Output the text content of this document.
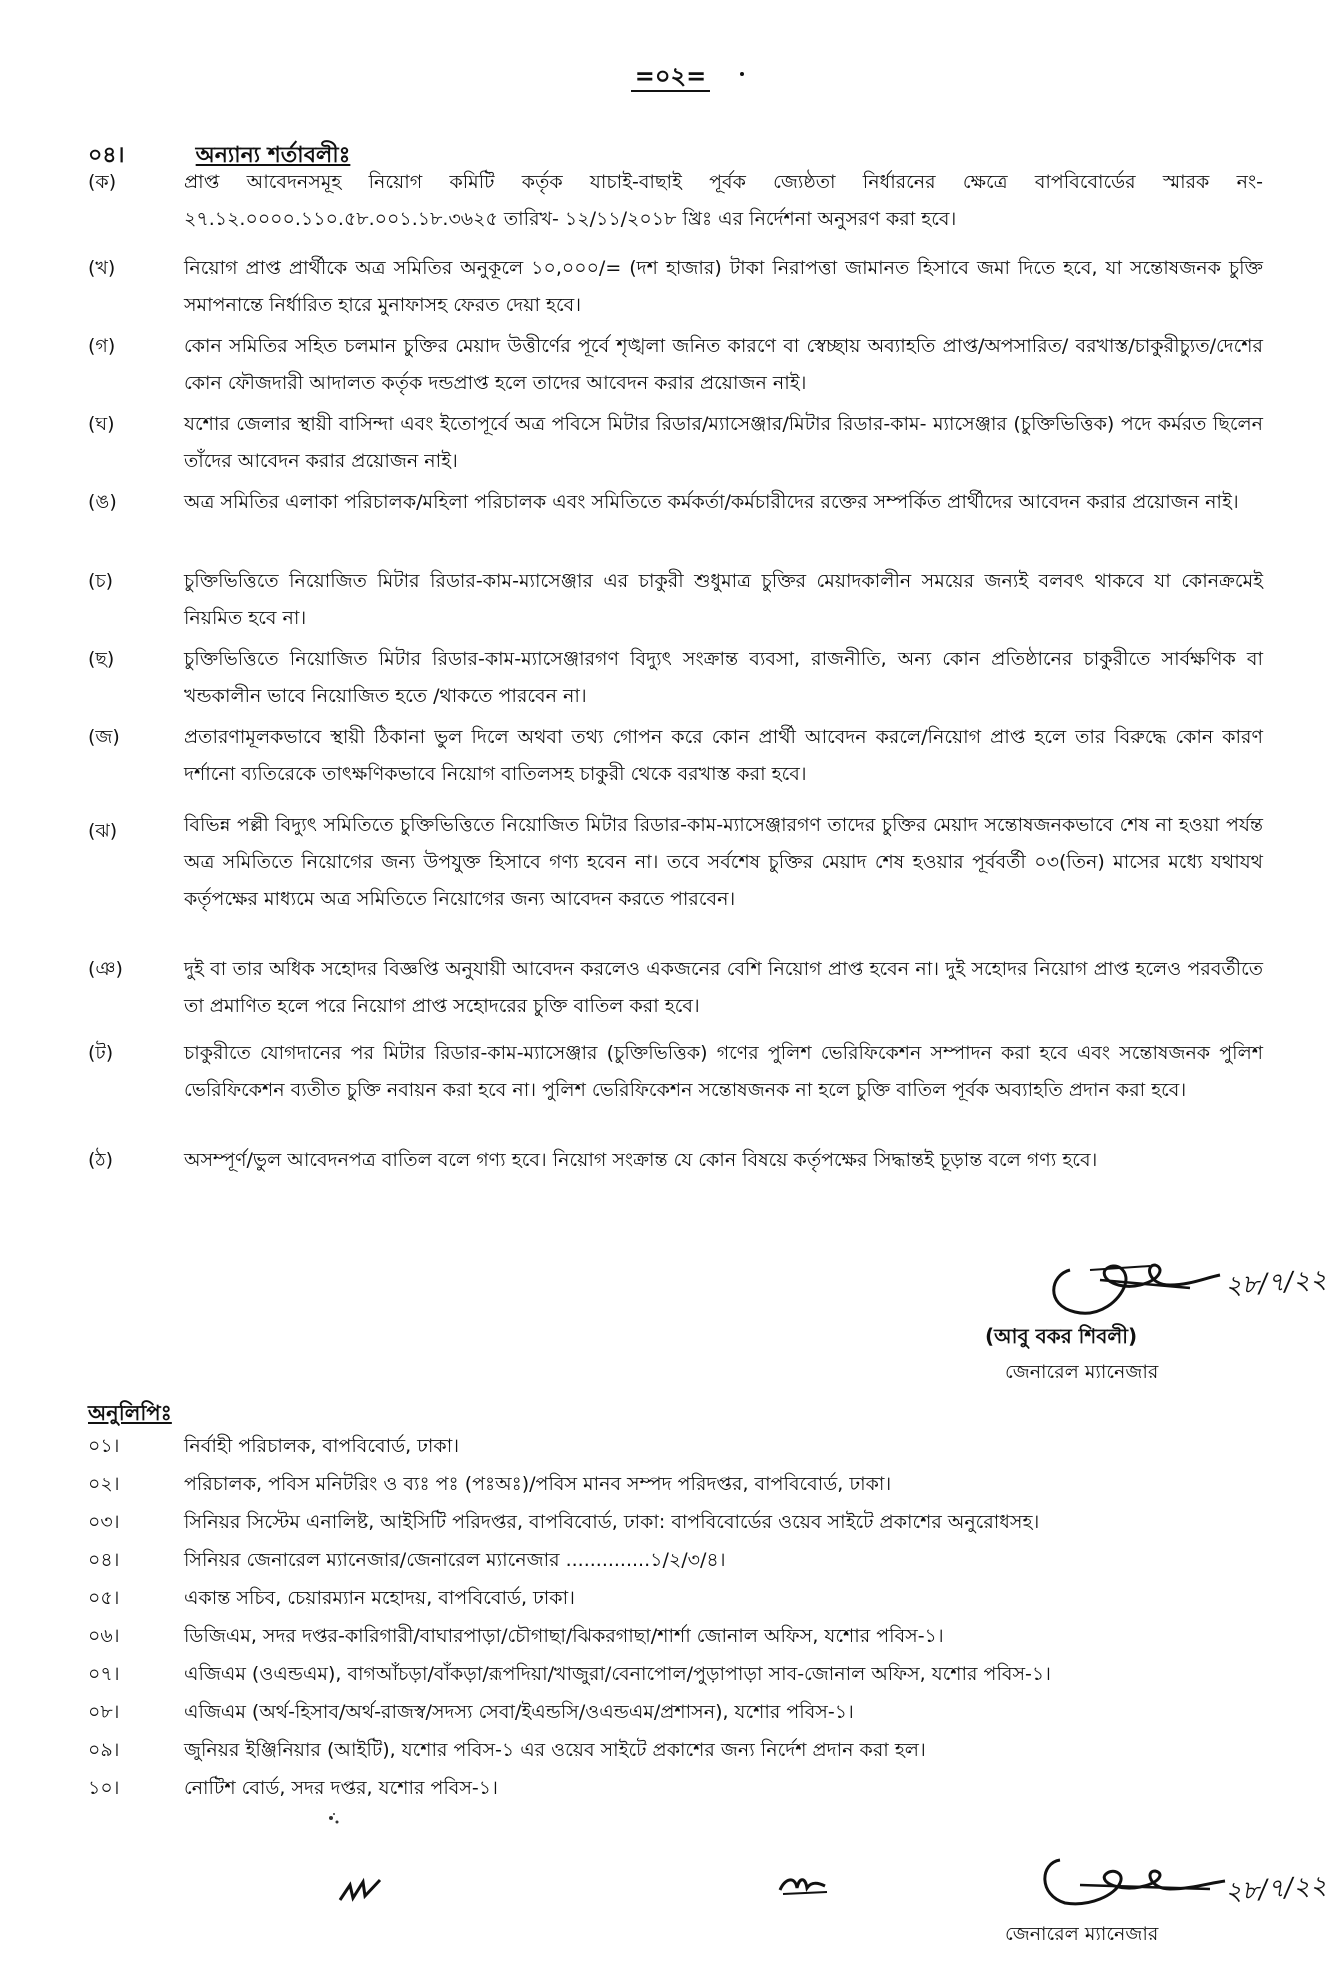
=০২=
০৪।	অন্যান্য শর্তাবলীঃ
(ক)	প্রাপ্ত আবেদনসমূহ নিয়োগ কমিটি কর্তৃক যাচাই-বাছাই পূর্বক জ্যেষ্ঠতা নির্ধারনের ক্ষেত্রে বাপবিবোর্ডের স্মারক নং- ২৭.১২.০০০০.১১০.৫৮.০০১.১৮.৩৬২৫ তারিখ- ১২/১১/২০১৮ খ্রিঃ এর নির্দেশনা অনুসরণ করা হবে।
(খ)	নিয়োগ প্রাপ্ত প্রার্থীকে অত্র সমিতির অনুকূলে ১০,০০০/= (দশ হাজার) টাকা নিরাপত্তা জামানত হিসাবে জমা দিতে হবে, যা সন্তোষজনক চুক্তি সমাপনান্তে নির্ধারিত হারে মুনাফাসহ ফেরত দেয়া হবে।
(গ)	কোন সমিতির সহিত চলমান চুক্তির মেয়াদ উত্তীর্ণের পূর্বে শৃঙ্খলা জনিত কারণে বা স্বেচ্ছায় অব্যাহতি প্রাপ্ত/অপসারিত/ বরখাস্ত/চাকুরীচ্যুত/দেশের কোন ফৌজদারী আদালত কর্তৃক দন্ডপ্রাপ্ত হলে তাদের আবেদন করার প্রয়োজন নাই।
(ঘ)	যশোর জেলার স্থায়ী বাসিন্দা এবং ইতোপূর্বে অত্র পবিসে মিটার রিডার/ম্যাসেঞ্জার/মিটার রিডার-কাম- ম্যাসেঞ্জার (চুক্তিভিত্তিক) পদে কর্মরত ছিলেন তাঁদের আবেদন করার প্রয়োজন নাই।
(ঙ)	অত্র সমিতির এলাকা পরিচালক/মহিলা পরিচালক এবং সমিতিতে কর্মকর্তা/কর্মচারীদের রক্তের সম্পর্কিত প্রার্থীদের আবেদন করার প্রয়োজন নাই।
(চ)	চুক্তিভিত্তিতে নিয়োজিত মিটার রিডার-কাম-ম্যাসেঞ্জার এর চাকুরী শুধুমাত্র চুক্তির মেয়াদকালীন সময়ের জন্যই বলবৎ থাকবে যা কোনক্রমেই নিয়মিত হবে না।
(ছ)	চুক্তিভিত্তিতে নিয়োজিত মিটার রিডার-কাম-ম্যাসেঞ্জারগণ বিদ্যুৎ সংক্রান্ত ব্যবসা, রাজনীতি, অন্য কোন প্রতিষ্ঠানের চাকুরীতে সার্বক্ষণিক বা খন্ডকালীন ভাবে নিয়োজিত হতে /থাকতে পারবেন না।
(জ)	প্রতারণামূলকভাবে স্থায়ী ঠিকানা ভুল দিলে অথবা তথ্য গোপন করে কোন প্রার্থী আবেদন করলে/নিয়োগ প্রাপ্ত হলে তার বিরুদ্ধে কোন কারণ দর্শানো ব্যতিরেকে তাৎক্ষণিকভাবে নিয়োগ বাতিলসহ চাকুরী থেকে বরখাস্ত করা হবে।
(ঝ)	বিভিন্ন পল্লী বিদ্যুৎ সমিতিতে চুক্তিভিত্তিতে নিয়োজিত মিটার রিডার-কাম-ম্যাসেঞ্জারগণ তাদের চুক্তির মেয়াদ সন্তোষজনকভাবে শেষ না হওয়া পর্যন্ত অত্র সমিতিতে নিয়োগের জন্য উপযুক্ত হিসাবে গণ্য হবেন না। তবে সর্বশেষ চুক্তির মেয়াদ শেষ হওয়ার পূর্ববর্তী ০৩(তিন) মাসের মধ্যে যথাযথ কর্তৃপক্ষের মাধ্যমে অত্র সমিতিতে নিয়োগের জন্য আবেদন করতে পারবেন।
(ঞ)	দুই বা তার অধিক সহোদর বিজ্ঞপ্তি অনুযায়ী আবেদন করলেও একজনের বেশি নিয়োগ প্রাপ্ত হবেন না। দুই সহোদর নিয়োগ প্রাপ্ত হলেও পরবর্তীতে তা প্রমাণিত হলে পরে নিয়োগ প্রাপ্ত সহোদরের চুক্তি বাতিল করা হবে।
(ট)	চাকুরীতে যোগদানের পর মিটার রিডার-কাম-ম্যাসেঞ্জার (চুক্তিভিত্তিক) গণের পুলিশ ভেরিফিকেশন সম্পাদন করা হবে এবং সন্তোষজনক পুলিশ ভেরিফিকেশন ব্যতীত চুক্তি নবায়ন করা হবে না। পুলিশ ভেরিফিকেশন সন্তোষজনক না হলে চুক্তি বাতিল পূর্বক অব্যাহতি প্রদান করা হবে।
(ঠ)	অসম্পূর্ণ/ভুল আবেদনপত্র বাতিল বলে গণ্য হবে। নিয়োগ সংক্রান্ত যে কোন বিষয়ে কর্তৃপক্ষের সিদ্ধান্তই চূড়ান্ত বলে গণ্য হবে।
২৮/৭/২২
(আবু বকর শিবলী)
জেনারেল ম্যানেজার
অনুলিপিঃ
০১।	নির্বাহী পরিচালক, বাপবিবোর্ড, ঢাকা।
০২।	পরিচালক, পবিস মনিটরিং ও ব্যঃ পঃ (পঃঅঃ)/পবিস মানব সম্পদ পরিদপ্তর, বাপবিবোর্ড, ঢাকা।
০৩।	সিনিয়র সিস্টেম এনালিষ্ট, আইসিটি পরিদপ্তর, বাপবিবোর্ড, ঢাকা: বাপবিবোর্ডের ওয়েব সাইটে প্রকাশের অনুরোধসহ।
০৪।	সিনিয়র জেনারেল ম্যানেজার/জেনারেল ম্যানেজার ..............১/২/৩/৪।
০৫।	একান্ত সচিব, চেয়ারম্যান মহোদয়, বাপবিবোর্ড, ঢাকা।
০৬।	ডিজিএম, সদর দপ্তর-কারিগারী/বাঘারপাড়া/চৌগাছা/ঝিকরগাছা/শার্শা জোনাল অফিস, যশোর পবিস-১।
০৭।	এজিএম (ওএন্ডএম), বাগআঁচড়া/বাঁকড়া/রূপদিয়া/খাজুরা/বেনাপোল/পুড়াপাড়া সাব-জোনাল অফিস, যশোর পবিস-১।
০৮।	এজিএম (অর্থ-হিসাব/অর্থ-রাজস্ব/সদস্য সেবা/ইএন্ডসি/ওএন্ডএম/প্রশাসন), যশোর পবিস-১।
০৯।	জুনিয়র ইঞ্জিনিয়ার (আইটি), যশোর পবিস-১ এর ওয়েব সাইটে প্রকাশের জন্য নির্দেশ প্রদান করা হল।
১০।	নোটিশ বোর্ড, সদর দপ্তর, যশোর পবিস-১।
২৮/৭/২২
জেনারেল ম্যানেজার
